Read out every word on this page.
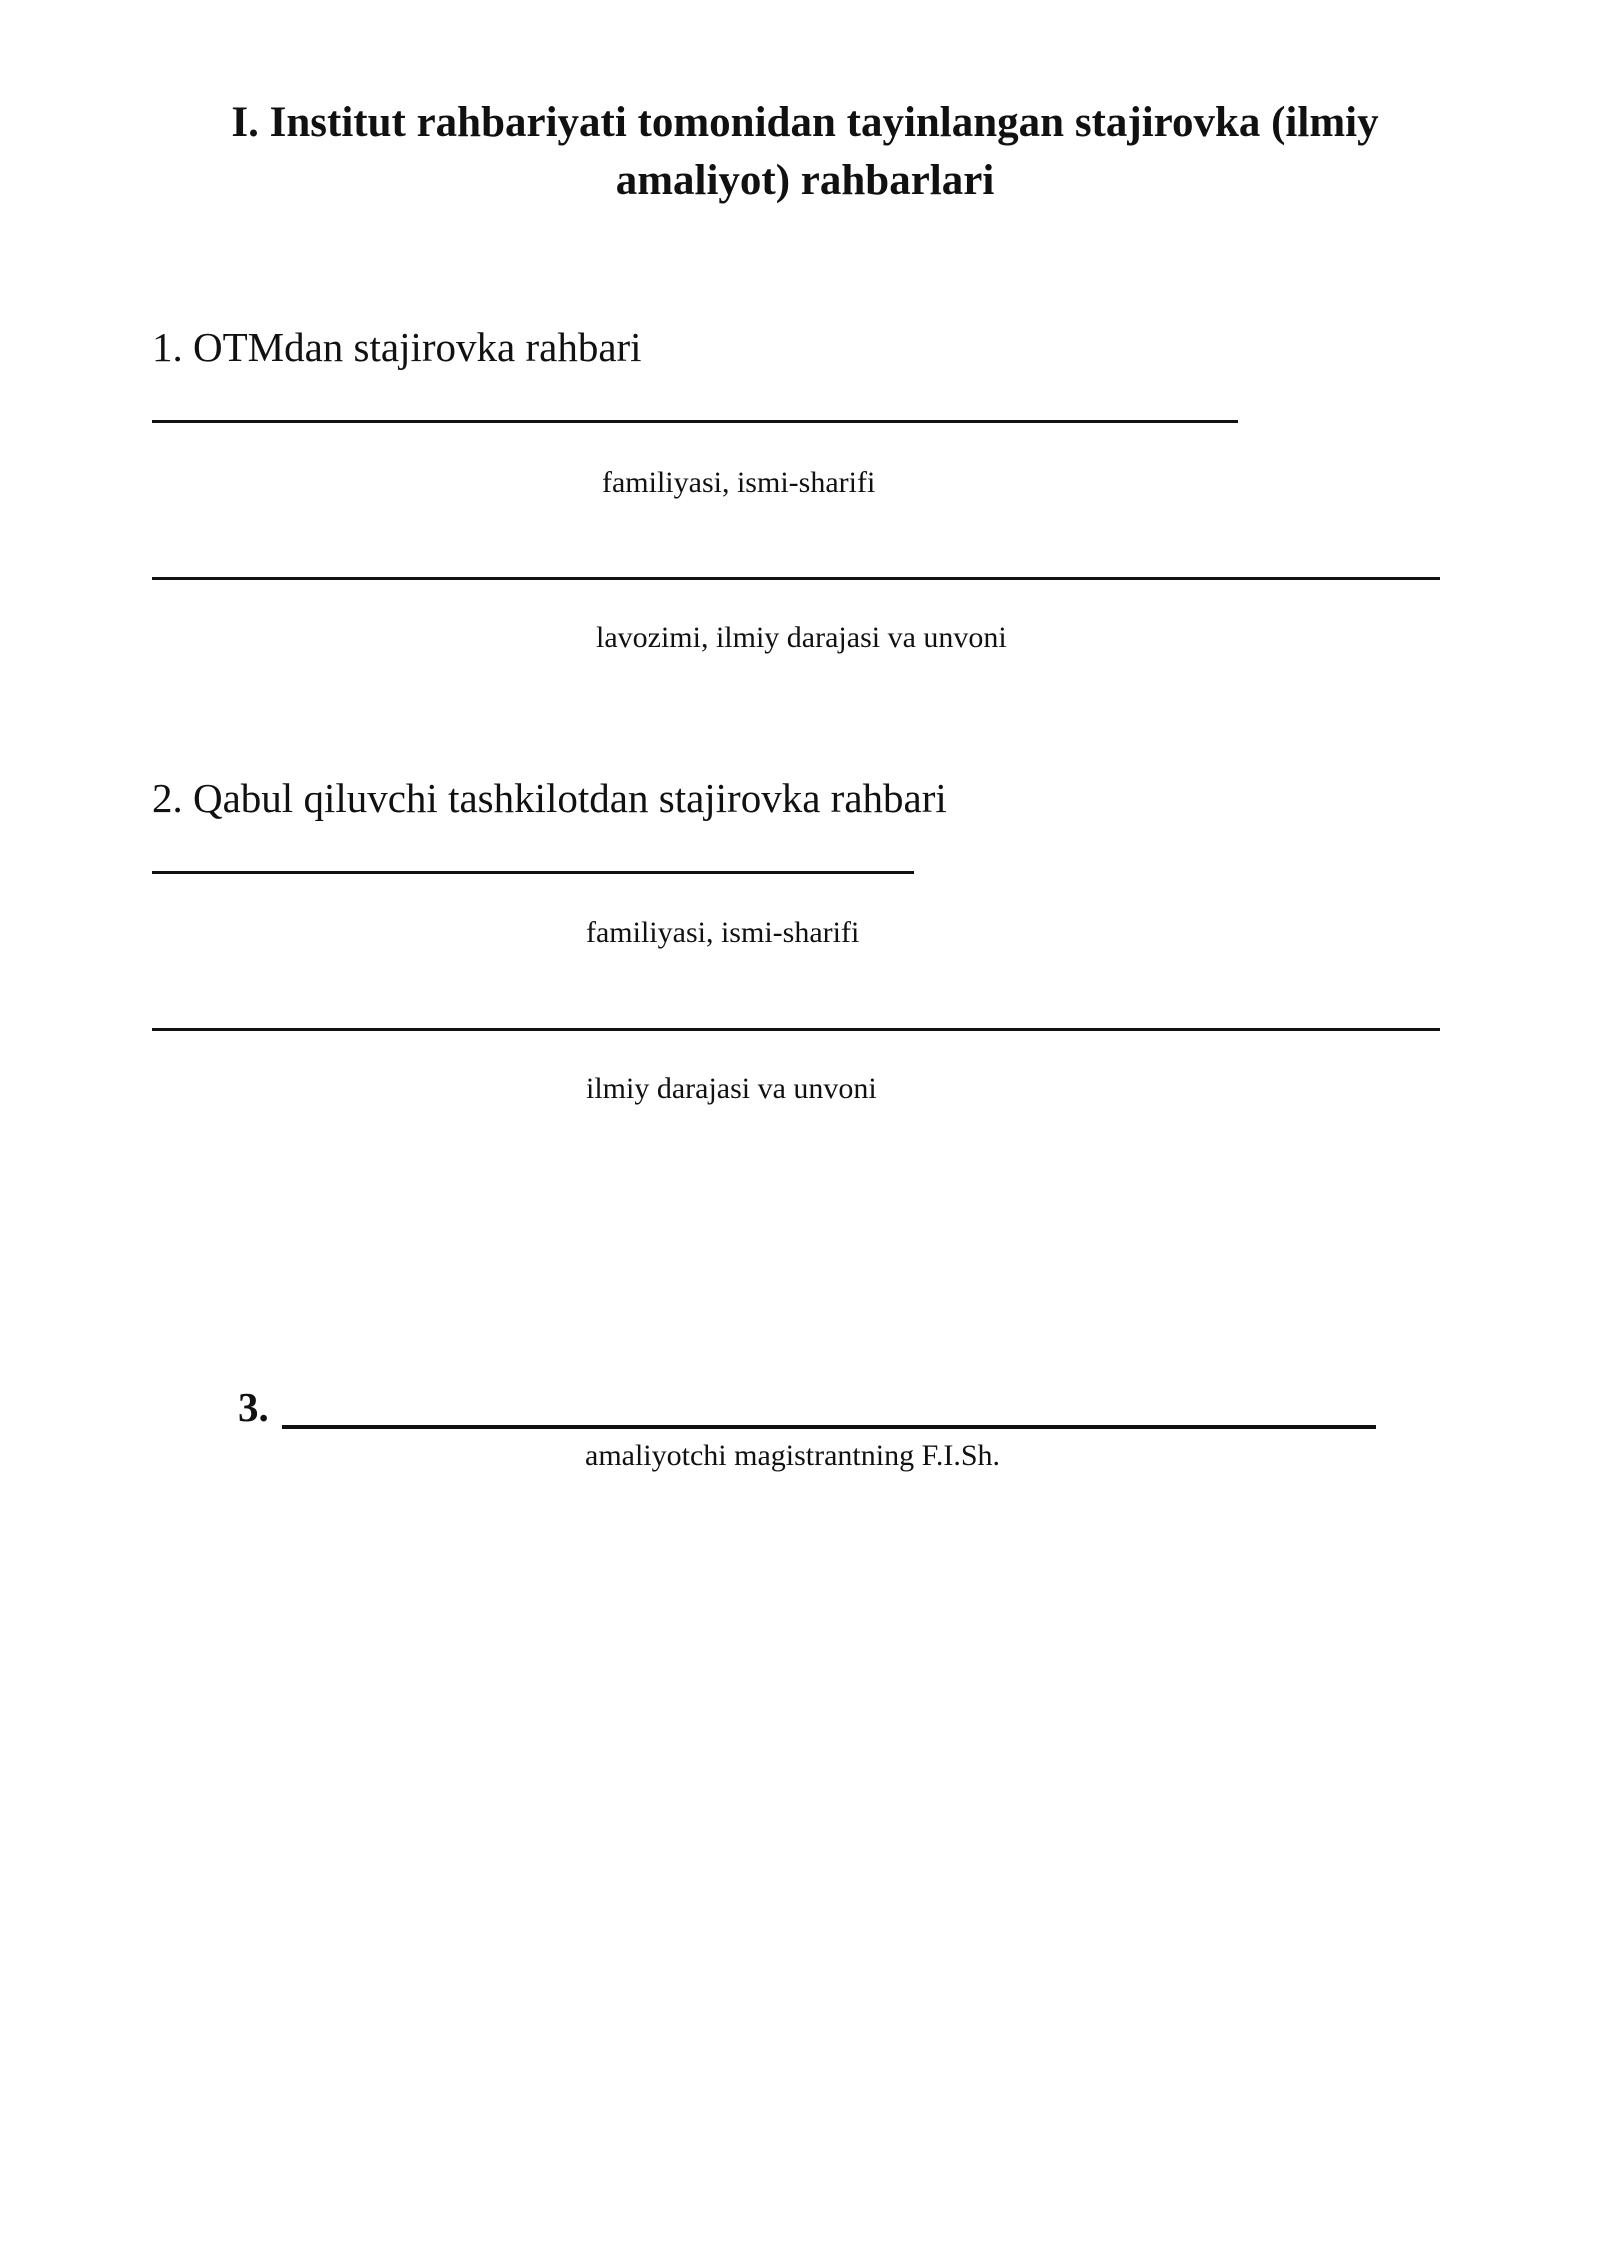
I. Institut rahbariyati tomonidan tayinlangan stajirovka (ilmiy amaliyot) rahbarlari

1. OTMdan stajirovka rahbari

familiyasi, ismi-sharifi
lavozimi, ilmiy darajasi va unvoni

2. Qabul qiluvchi tashkilotdan stajirovka rahbari

familiyasi, ismi-sharifi
ilmiy darajasi va unvoni
3.
amaliyotchi magistrantning F.I.Sh.
